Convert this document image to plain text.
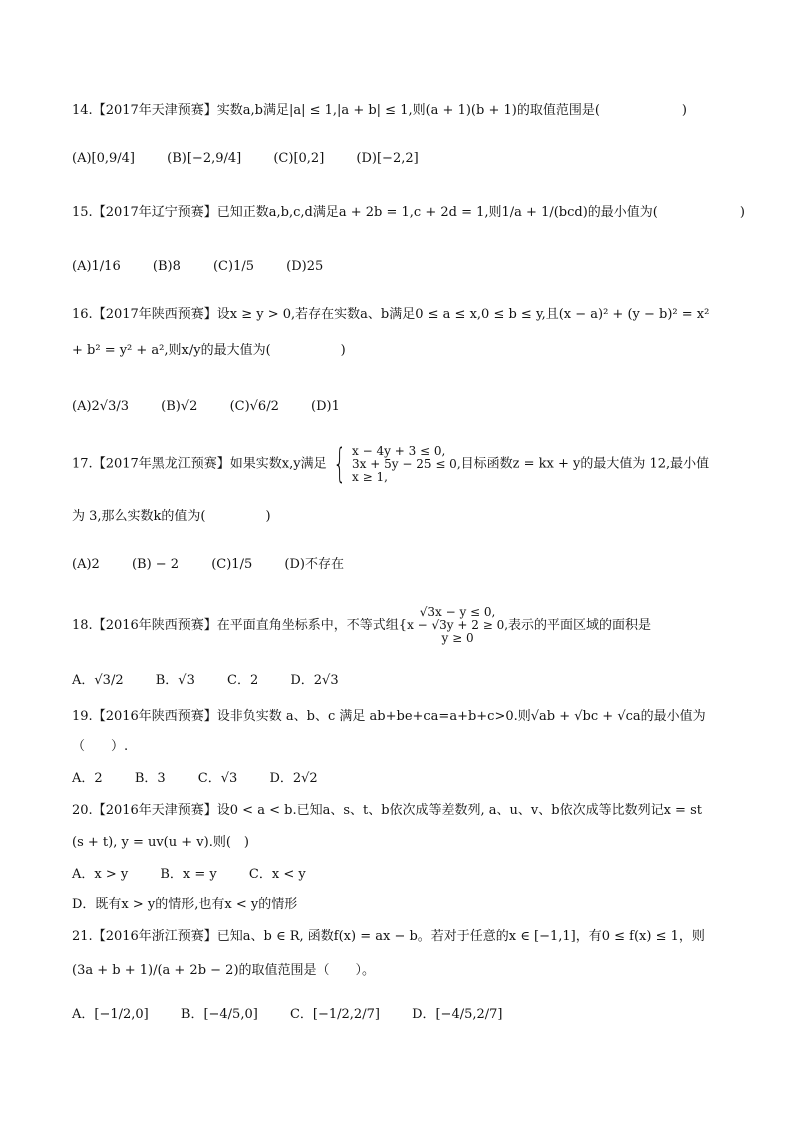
14.【2017年天津预赛】实数a,b满足|a| ≤ 1,|a + b| ≤ 1,则(a + 1)(b + 1)的取值范围是(	)
(A)[0,9/4] (B)[−2,9/4] (C)[0,2] (D)[−2,2]
15.【2017年辽宁预赛】已知正数a,b,c,d满足a + 2b = 1,c + 2d = 1,则1/a + 1/(bcd)的最小值为(	)
(A)1/16 (B)8 (C)1/5 (D)25
16.【2017年陕西预赛】设x ≥ y > 0,若存在实数a、b满足0 ≤ a ≤ x,0 ≤ b ≤ y,且(x − a)² + (y − b)² = x²
+ b² = y² + a²,则x/y的最大值为(	)
(A)2√3/3 (B)√2 (C)√6/2 (D)1
17.【2017年黑龙江预赛】如果实数x,y满足 { x − 4y + 3 ≤ 0,
3x + 5y − 25 ≤ 0,
x ≥ 1,
目标函数z = kx + y的最大值为 12,最小值
为 3,那么实数k的值为(	)
(A)2 (B) − 2 (C)1/5 (D)不存在
18.【2016年陕西预赛】在平面直角坐标系中，不等式组{
√3x − y ≤ 0,
x − √3y + 2 ≥ 0,
y ≥ 0
表示的平面区域的面积是
A．√3/2 B．√3 C．2 D．2√3
19.【2016年陕西预赛】设非负实数 a、b、c 满足 ab+be+ca=a+b+c>0.则√ab + √bc + √ca的最小值为
（　　）.
A．2 B．3 C．√3 D．2√2
20.【2016年天津预赛】设0 < a < b.已知a、s、t、b依次成等差数列, a、u、v、b依次成等比数列记x = st
(s + t), y = uv(u + v).则(　)
A．x > y B．x = y C．x < y
D．既有x > y的情形,也有x < y的情形
21.【2016年浙江预赛】已知a、b ∈ R, 函数f(x) = ax − b。若对于任意的x ∈ [−1,1]，有0 ≤ f(x) ≤ 1，则
(3a + b + 1)/(a + 2b − 2)的取值范围是（　　）。
A．[−1/2,0] B．[−4/5,0] C．[−1/2,2/7] D．[−4/5,2/7]
